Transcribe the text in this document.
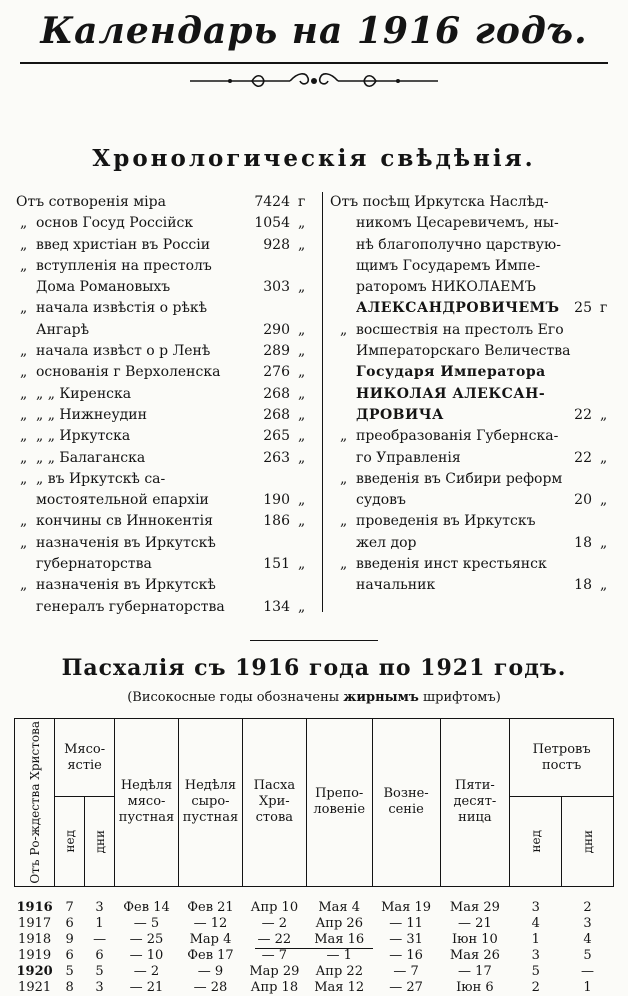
Календарь на 1916 годъ.
Хронологическія свѣдѣнія.
Отъ сотворенія міра	7424 г
„ основ Госуд Россійск	1054 „
„ введ христіан въ Россіи	928 „
„ вступленія на престолъ
Дома Романовыхъ	303 „
„ начала извѣстія о рѣкѣ
Ангарѣ	290 „
„ начала извѣст о р Ленѣ	289 „
„ основанія г Верхоленска	276 „
„ „ „ Киренска	268 „
„ „ „ Нижнеудин	268 „
„ „ „ Иркутска	265 „
„ „ „ Балаганска	263 „
„ „ въ Иркутскѣ са-
мостоятельной епархіи	190 „
„ кончины св Иннокентія	186 „
„ назначенія въ Иркутскѣ
губернаторства	151 „
„ назначенія въ Иркутскѣ
генералъ губернаторства	134 „
Отъ посѣщ Иркутска Наслѣд-
никомъ Цесаревичемъ, ны-
нѣ благополучно царствую-
щимъ Государемъ Импе-
раторомъ НИКОЛАЕМЪ
АЛЕКСАНДРОВИЧЕМЪ	25 г
„ восшествія на престолъ Его
Императорскаго Величества
Государя Императора
НИКОЛАЯ АЛЕКСАН-
ДРОВИЧА	22 „
„ преобразованія Губернска-
го Управленія	22 „
„ введенія въ Сибири реформ
судовъ	20 „
„ проведенія въ Иркутскъ
жел дор	18 „
„ введенія инст крестьянск
начальник	18 „
Пасхалія съ 1916 года по 1921 годъ.
(Високосные годы обозначены жирнымъ шрифтомъ)
Отъ Ро-ждества Христова	Мясо-ястіе		Недѣля мясо-пустная	Недѣля сыро-пустная	Пасха Хри-стова	Препо-ловеніе	Возне-сеніе	Пяти-десят-ница	Петровъ постъ	

	нед	дни							нед	дни

1916	7	3	Фев 14	Фев 21	Апр 10	Мая 4	Мая 19	Мая 29	3	2
1917	6	1	— 5	— 12	— 2	Апр 26	— 11	— 21	4	3
1918	9	—	— 25	Мар 4	— 22	Мая 16	— 31	Іюн 10	1	4
1919	6	6	— 10	Фев 17	— 7	— 1	— 16	Мая 26	3	5
1920	5	5	— 2	— 9	Мар 29	Апр 22	— 7	— 17	5	—
1921	8	3	— 21	— 28	Апр 18	Мая 12	— 27	Іюн 6	2	1
